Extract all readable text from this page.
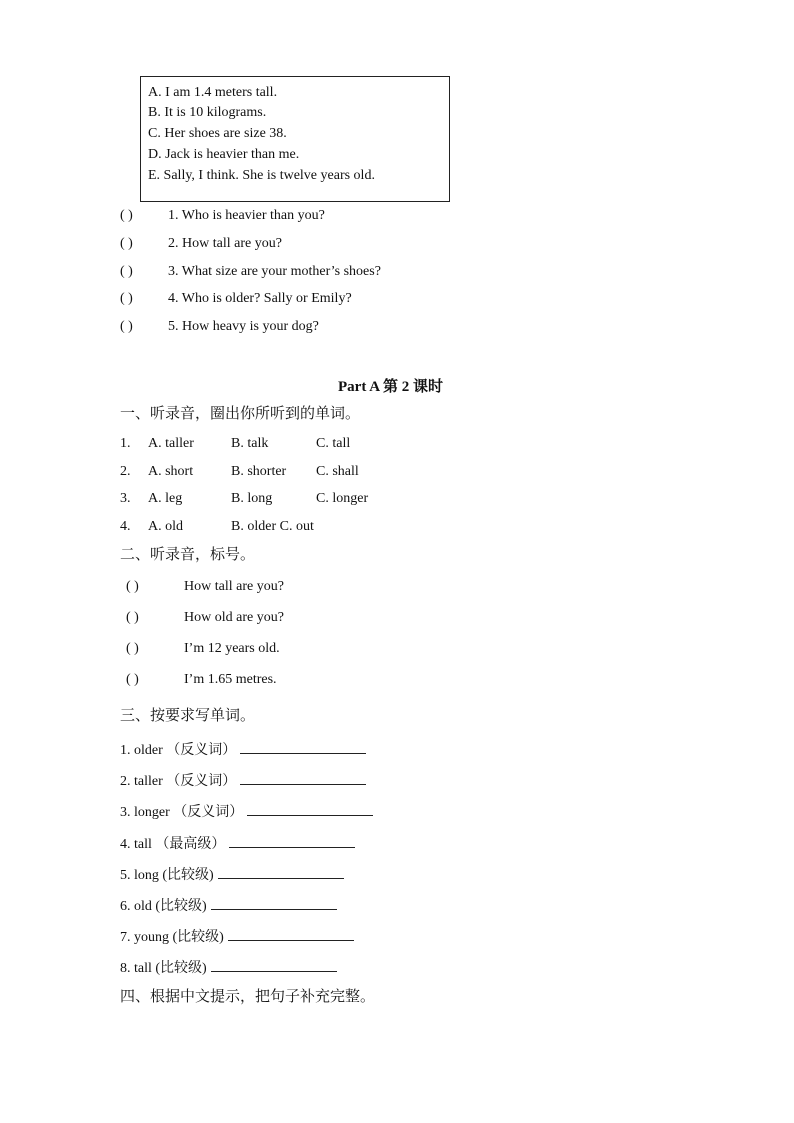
A. I am 1.4 meters tall.
B. It is 10 kilograms.
C. Her shoes are size 38.
D. Jack is heavier than me.
E. Sally, I think. She is twelve years old.
( )	1. Who is heavier than you?
( )	2. How tall are you?
( )	3. What size are your mother’s shoes?
( )	4. Who is older? Sally or Emily?
( )	5. How heavy is your dog?
Part A 第 2 课时
一、听录音，圈出你所听到的单词。
1. A. taller	B. talk	C. tall
2. A. short	B. shorter C. shall
3. A. leg	B. long	C. longer
4. A. old	B. older C. out
二、听录音，标号。
( )	How tall are you?
( )	How old are you?
( )	I’m 12 years old.
( )	I’m 1.65 metres.
三、按要求写单词。
1. older （反义词）
2. taller （反义词）
3. longer （反义词）
4. tall （最高级）
5. long (比较级)
6. old (比较级)
7. young (比较级)
8. tall (比较级)
四、根据中文提示，把句子补充完整。
